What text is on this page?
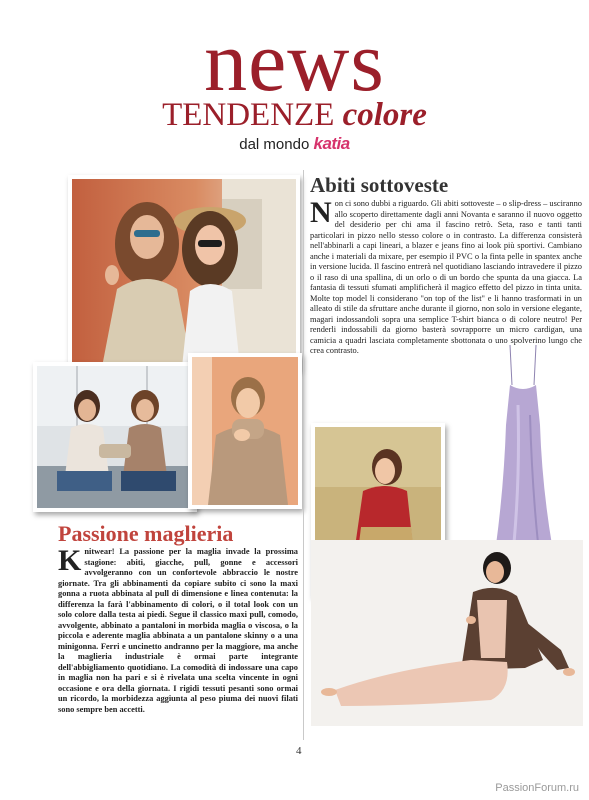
news
TENDENZE colore
dal mondo katia
Abiti sottoveste
Non ci sono dubbi a riguardo. Gli abiti sottoveste – o slip-dress – usciranno allo scoperto direttamente dagli anni Novanta e saranno il nuovo oggetto del desiderio per chi ama il fascino retrò. Seta, raso e tanti tanti particolari in pizzo nello stesso colore o in contrasto. La differenza consisterà nell'abbinarli a capi lineari, a blazer e jeans fino ai look più sportivi. Cambiano anche i materiali da mixare, per esempio il PVC o la finta pelle in spantex anche in versione lucida. Il fascino entrerà nel quotidiano lasciando intravedere il pizzo o il raso di una spallina, di un orlo o di un bordo che spunta da una giacca. La fantasia di tessuti sfumati amplificherà il magico effetto del pizzo in tinta unita. Molte top model li considerano "on top of the list" e li hanno trasformati in un alleato di stile da sfruttare anche durante il giorno, non solo in versione elegante, magari indossandoli sopra una semplice T-shirt bianca o di colore neutro! Per renderli indossabili da giorno basterà sovrapporre un micro cardigan, una camicia a quadri lasciata completamente sbottonata o uno spolverino lungo che crea contrasto.
Passione maglieria
Knitwear! La passione per la maglia invade la prossima stagione: abiti, giacche, pull, gonne e accessori avvolgeranno con un confortevole abbraccio le nostre giornate. Tra gli abbinamenti da copiare subito ci sono la maxi gonna a ruota abbinata al pull di dimensione e linea contenuta: la differenza la farà l'abbinamento di colori, o il total look con un solo colore dalla testa ai piedi. Segue il classico maxi pull, comodo, avvolgente, abbinato a pantaloni in morbida maglia o viscosa, o la piccola e aderente maglia abbinata a un pantalone skinny o a una minigonna. Ferri e uncinetto andranno per la maggiore, ma anche la maglieria industriale è ormai parte integrante dell'abbigliamento quotidiano. La comodità di indossare una capo in maglia non ha pari e si è rivelata una scelta vincente in ogni occasione e ora della giornata. I rigidi tessuti pesanti sono ormai un ricordo, la morbidezza aggiunta al peso piuma dei nuovi filati sono sempre ben accetti.
4
PassionForum.ru
